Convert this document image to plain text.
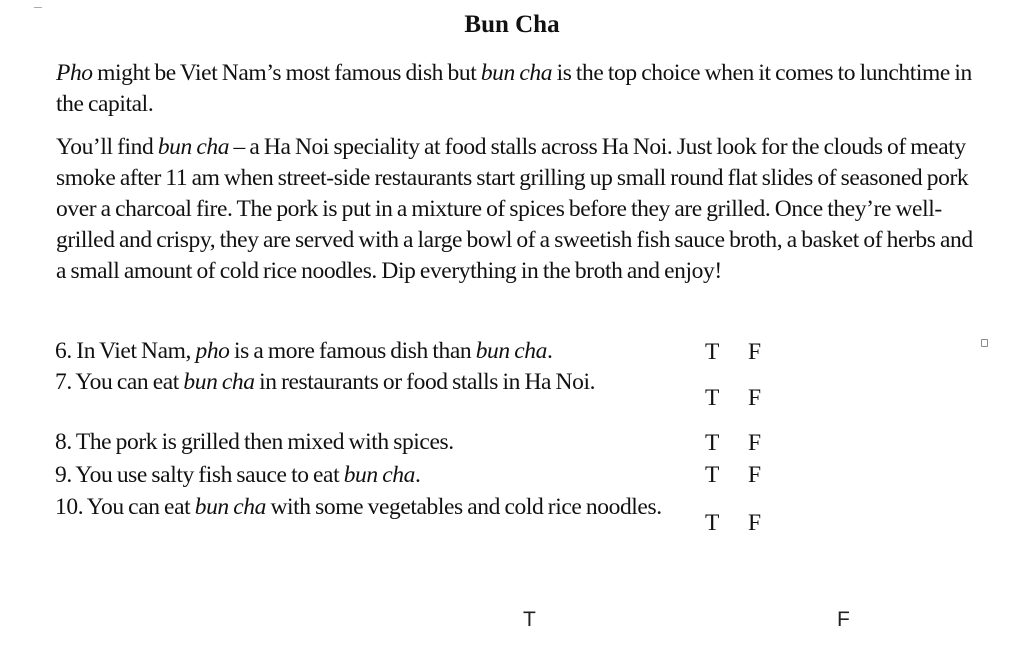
ـــ
Bun Cha
Pho might be Viet Nam’s most famous dish but bun cha is the top choice when it comes to lunchtime in the capital.
You’ll find bun cha – a Ha Noi speciality at food stalls across Ha Noi. Just look for the clouds of meaty smoke after 11 am when street-side restaurants start grilling up small round flat slides of seasoned pork over a charcoal fire. The pork is put in a mixture of spices before they are grilled. Once they’re well-grilled and crispy, they are served with a large bowl of a sweetish fish sauce broth, a basket of herbs and a small amount of cold rice noodles. Dip everything in the broth and enjoy!
6. In Viet Nam, pho is a more famous dish than bun cha.	T F
7. You can eat bun cha in restaurants or food stalls in Ha Noi.
T F
8. The pork is grilled then mixed with spices.	T F
9. You use salty fish sauce to eat bun cha.	T F
10. You can eat bun cha with some vegetables and cold rice noodles.
T F
T	F
